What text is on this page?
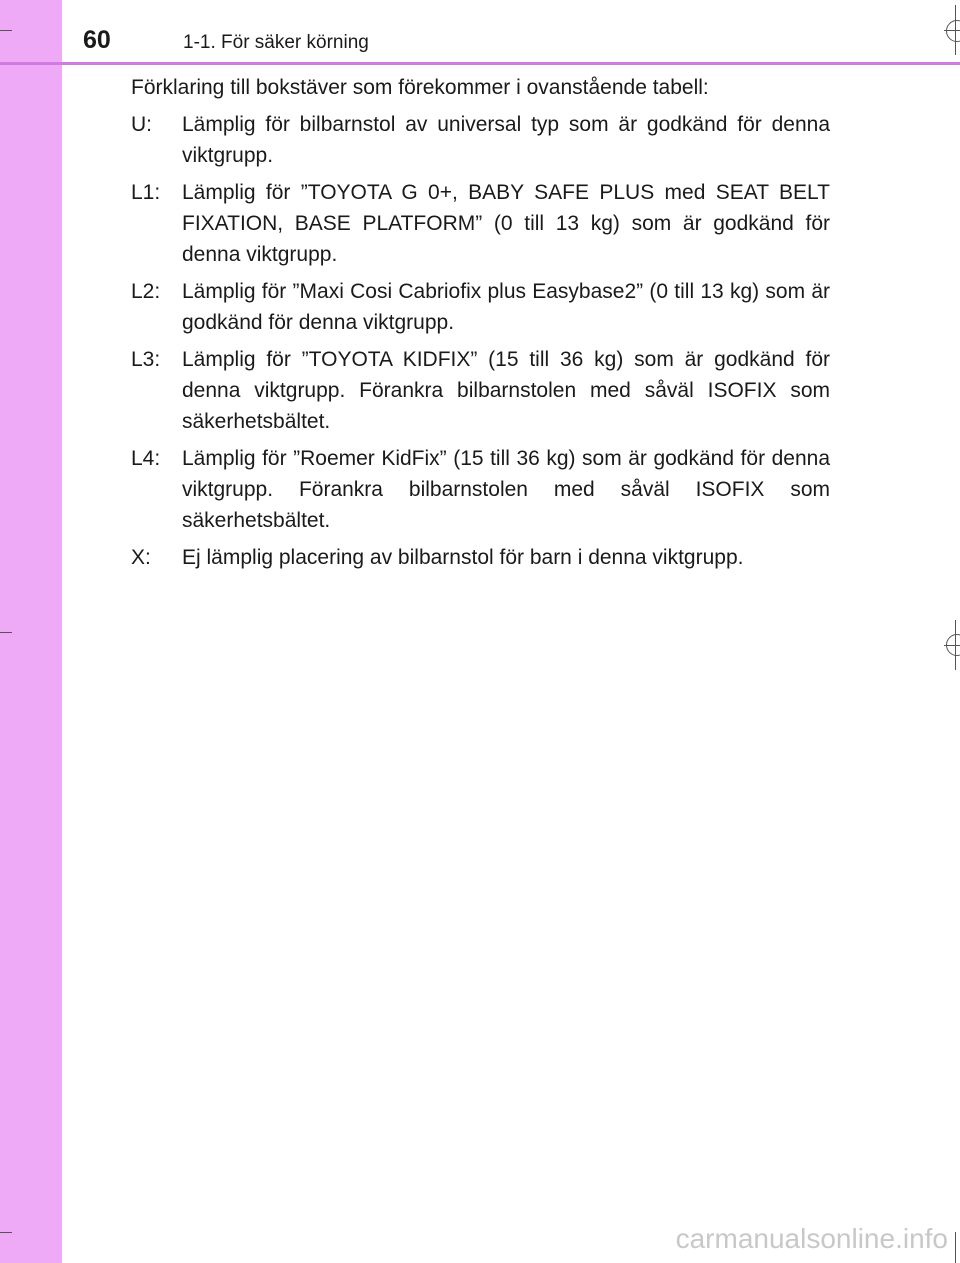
60	1-1. För säker körning

Förklaring till bokstäver som förekommer i ovanstående tabell:

U:	Lämplig för bilbarnstol av universal typ som är godkänd för denna viktgrupp.
L1:	Lämplig för ”TOYOTA G 0+, BABY SAFE PLUS med SEAT BELT FIXATION, BASE PLATFORM” (0 till 13 kg) som är godkänd för denna viktgrupp.
L2:	Lämplig för ”Maxi Cosi Cabriofix plus Easybase2” (0 till 13 kg) som är godkänd för denna viktgrupp.
L3:	Lämplig för ”TOYOTA KIDFIX” (15 till 36 kg) som är godkänd för denna viktgrupp. Förankra bilbarnstolen med såväl ISOFIX som säkerhetsbältet.
L4:	Lämplig för ”Roemer KidFix” (15 till 36 kg) som är godkänd för denna viktgrupp. Förankra bilbarnstolen med såväl ISOFIX som säkerhetsbältet.
X:	Ej lämplig placering av bilbarnstol för barn i denna viktgrupp.
carmanualsonline.info
